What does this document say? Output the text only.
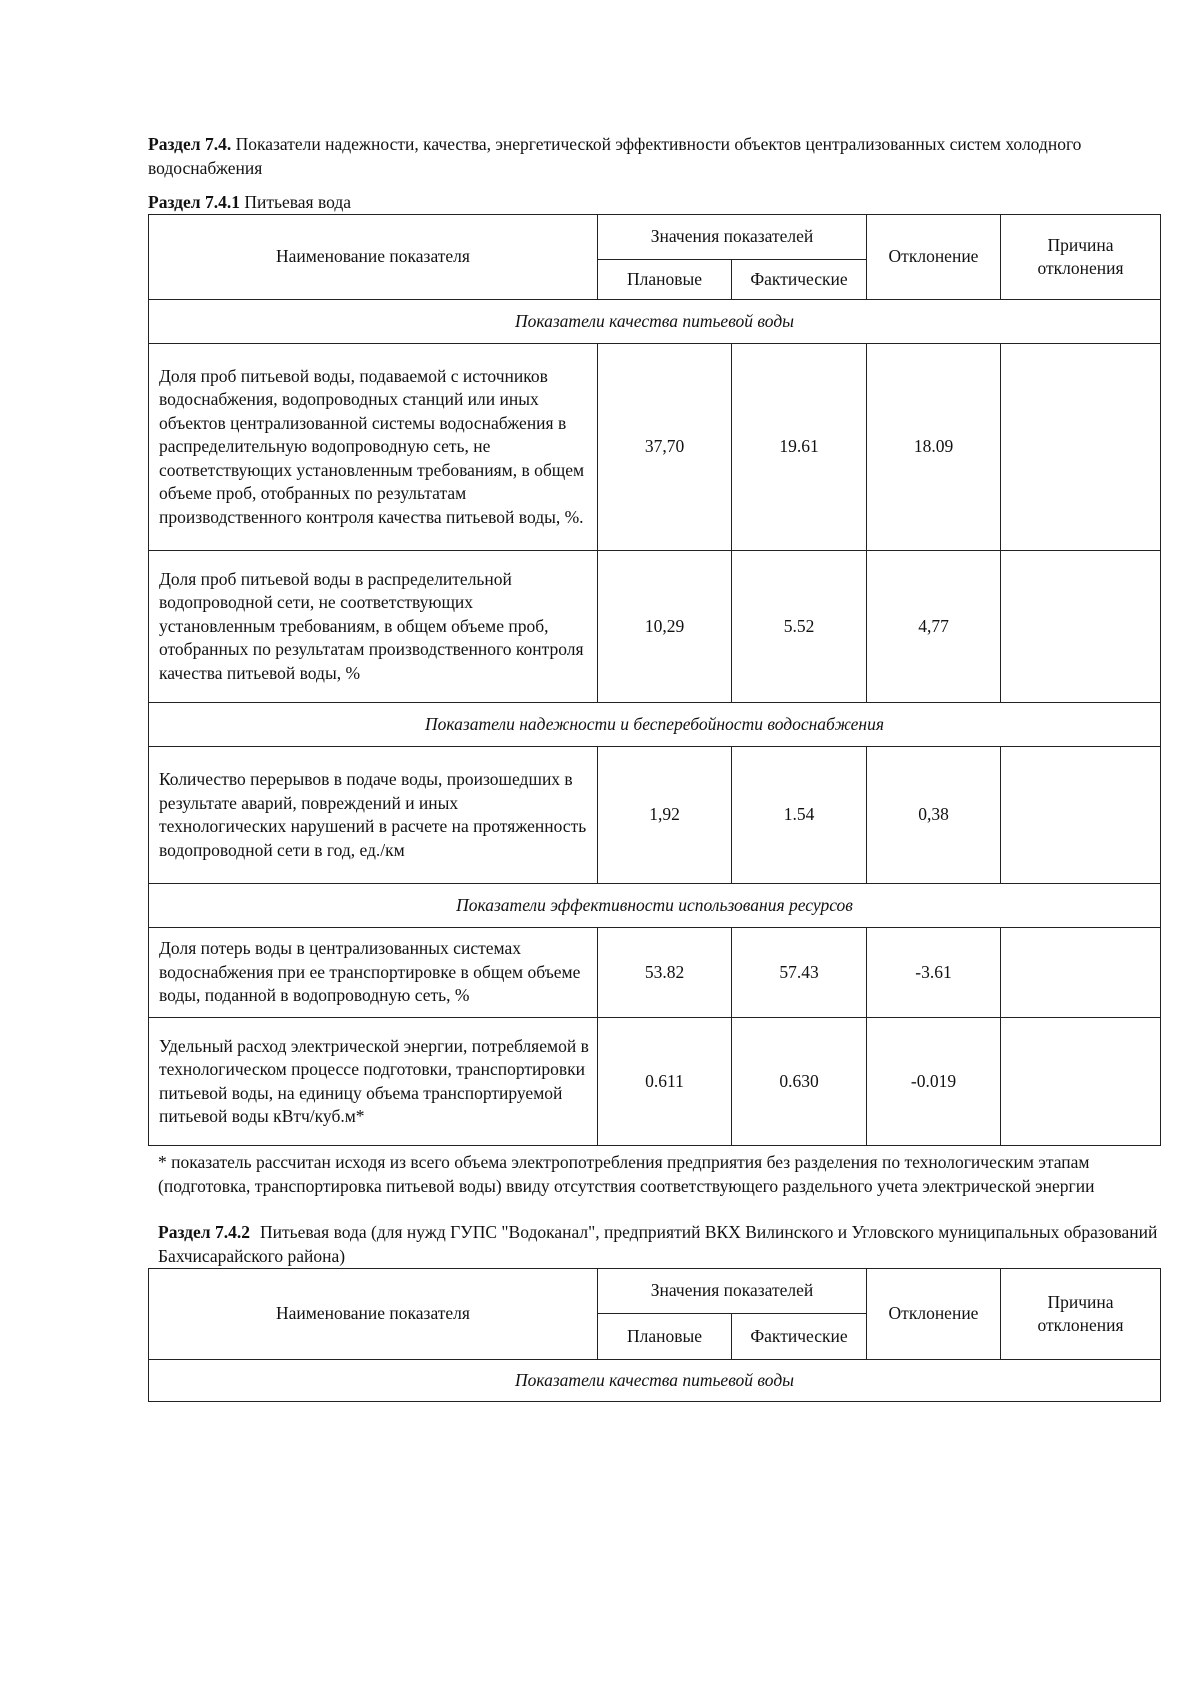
Раздел 7.4. Показатели надежности, качества, энергетической эффективности объектов централизованных систем холодного водоснабжения

Раздел 7.4.1 Питьевая вода

Наименование показателя	Значения показателей		Отклонение	Причина отклонения
	Плановые	Фактические		
Показатели качества питьевой воды				
Доля проб питьевой воды, подаваемой с источников водоснабжения, водопроводных станций или иных объектов централизованной системы водоснабжения в распределительную водопроводную сеть, не соответствующих установленным требованиям, в общем объеме проб, отобранных по результатам производственного контроля качества питьевой воды, %.	37,70	19.61	18.09	
Доля проб питьевой воды в распределительной водопроводной сети, не соответствующих установленным требованиям, в общем объеме проб, отобранных по результатам производственного контроля качества питьевой воды, %	10,29	5.52	4,77	
Показатели надежности и бесперебойности водоснабжения				
Количество перерывов в подаче воды, произошедших в результате аварий, повреждений и иных технологических нарушений в расчете на протяженность водопроводной сети в год, ед./км	1,92	1.54	0,38	
Показатели эффективности использования ресурсов				
Доля потерь воды в централизованных системах водоснабжения при ее транспортировке в общем объеме воды, поданной в водопроводную сеть, %	53.82	57.43	-3.61	
Удельный расход электрической энергии, потребляемой в технологическом процессе подготовки, транспортировки питьевой воды, на единицу объема транспортируемой питьевой воды кВтч/куб.м*	0.611	0.630	-0.019	

* показатель рассчитан исходя из всего объема электропотребления предприятия без разделения по технологическим этапам (подготовка, транспортировка питьевой воды) ввиду отсутствия соответствующего раздельного учета электрической энергии

Раздел 7.4.2 Питьевая вода (для нужд ГУПС "Водоканал", предприятий ВКХ Вилинского и Угловского муниципальных образований Бахчисарайского района)

Наименование показателя	Значения показателей		Отклонение	Причина отклонения
	Плановые	Фактические		
Показатели качества питьевой воды				
